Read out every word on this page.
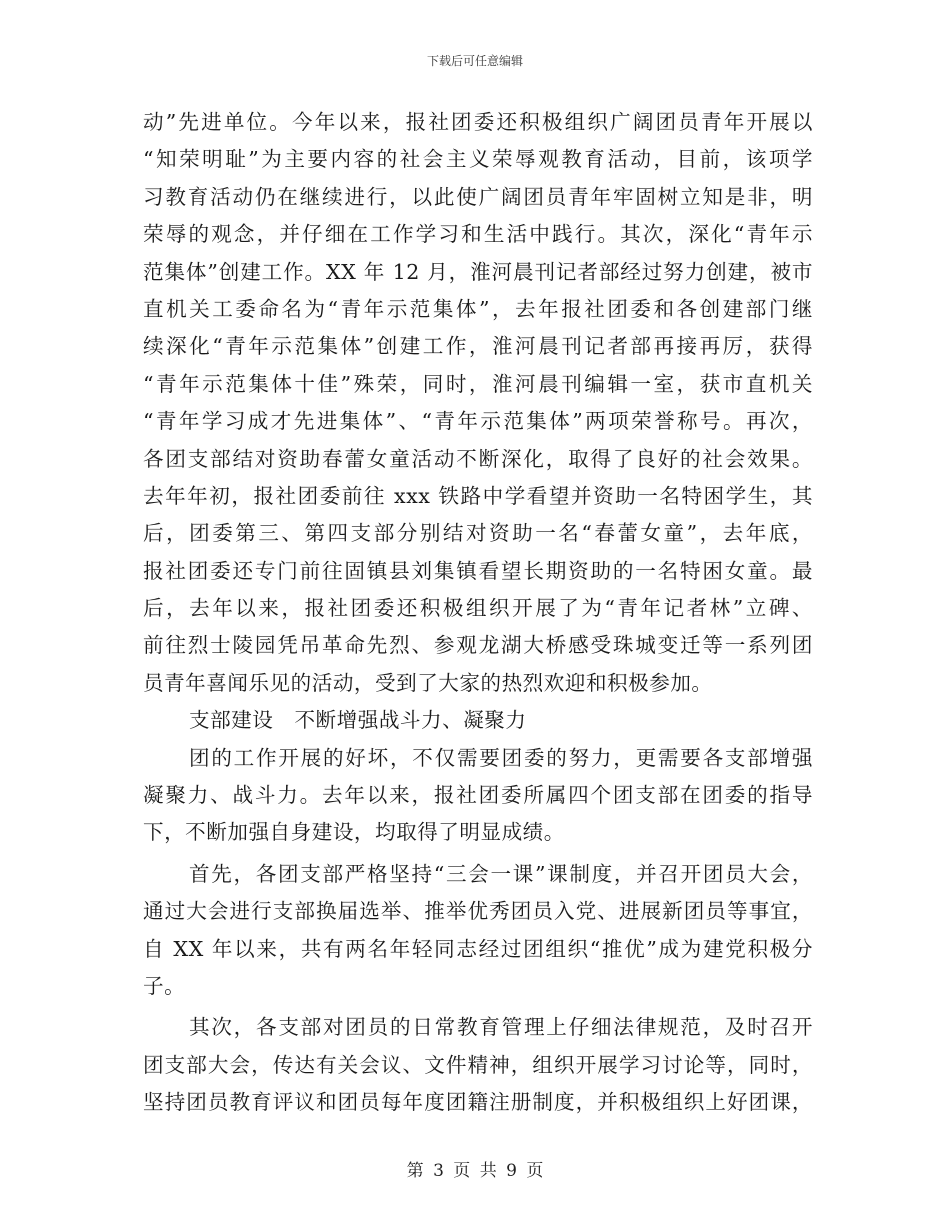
下载后可任意编辑
动”先进单位。今年以来，报社团委还积极组织广阔团员青年开展以
“知荣明耻”为主要内容的社会主义荣辱观教育活动，目前，该项学
习教育活动仍在继续进行，以此使广阔团员青年牢固树立知是非，明
荣辱的观念，并仔细在工作学习和生活中践行。其次，深化“青年示
范集体”创建工作。XX 年 12 月，淮河晨刊记者部经过努力创建，被市
直机关工委命名为“青年示范集体”，去年报社团委和各创建部门继
续深化“青年示范集体”创建工作，淮河晨刊记者部再接再厉，获得
“青年示范集体十佳”殊荣，同时，淮河晨刊编辑一室，获市直机关
“青年学习成才先进集体”、“青年示范集体”两项荣誉称号。再次，
各团支部结对资助春蕾女童活动不断深化，取得了良好的社会效果。
去年年初，报社团委前往 xxx 铁路中学看望并资助一名特困学生，其
后，团委第三、第四支部分别结对资助一名“春蕾女童”，去年底，
报社团委还专门前往固镇县刘集镇看望长期资助的一名特困女童。最
后，去年以来，报社团委还积极组织开展了为“青年记者林”立碑、
前往烈士陵园凭吊革命先烈、参观龙湖大桥感受珠城变迁等一系列团
员青年喜闻乐见的活动，受到了大家的热烈欢迎和积极参加。
支部建设　不断增强战斗力、凝聚力
团的工作开展的好坏，不仅需要团委的努力，更需要各支部增强
凝聚力、战斗力。去年以来，报社团委所属四个团支部在团委的指导
下，不断加强自身建设，均取得了明显成绩。
首先，各团支部严格坚持“三会一课”课制度，并召开团员大会，
通过大会进行支部换届选举、推举优秀团员入党、进展新团员等事宜，
自 XX 年以来，共有两名年轻同志经过团组织“推优”成为建党积极分
子。
其次，各支部对团员的日常教育管理上仔细法律规范，及时召开
团支部大会，传达有关会议、文件精神，组织开展学习讨论等，同时，
坚持团员教育评议和团员每年度团籍注册制度，并积极组织上好团课，
第 3 页 共 9 页
